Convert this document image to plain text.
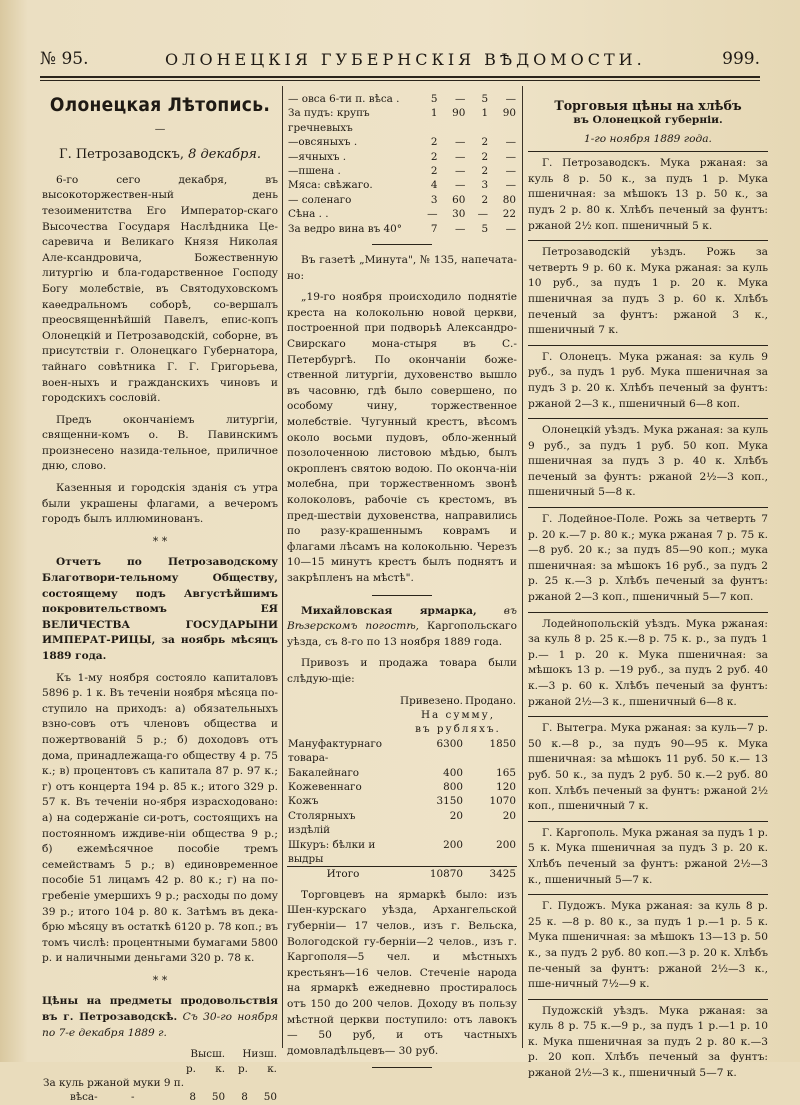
№ 95.	ОЛОНЕЦКІЯ ГУБЕРНСКІЯ ВѢДОМОСТИ.	999.
Олонецкая Лѣтопись.
—
Г. Петрозаводскъ, 8 декабря.

6-го сего декабря, въ высокоторжествен-ный день тезоименитства Его Император-скаго Высочества Государя Наслѣдника Це-саревича и Великаго Князя Николая Але-ксандровича, Божественную литургію и бла-годарственное Господу Богу молебствіе, въ Святодуховскомъ каѳедральномъ соборѣ, со-вершалъ преосвященнѣйшій Павелъ, епис-копъ Олонецкій и Петрозаводскій, соборне, въ присутствіи г. Олонецкаго Губернатора, тайнаго совѣтника Г. Г. Григорьева, воен-ныхъ и гражданскихъ чиновъ и городскихъ сословій.

Предъ окончаніемъ литургіи, священни-комъ о. В. Павинскимъ произнесено назида-тельное, приличное дню, слово.

Казенныя и городскія зданія съ утра были украшены флагами, а вечеромъ городъ былъ иллюминованъ.

* *

Отчетъ по Петрозаводскому Благотвори-тельному Обществу, состоящему подъ Августѣйшимъ покровительствомъ ЕЯ ВЕЛИЧЕСТВА ГОСУДАРЫНИ ИМПЕРАТ-РИЦЫ, за ноябрь мѣсяцъ 1889 года.

Къ 1-му ноября состояло капиталовъ 5896 р. 1 к. Въ теченіи ноября мѣсяца по-ступило на приходъ: а) обязательныхъ взно-совъ отъ членовъ общества и пожертвованій 5 р.; б) доходовъ отъ дома, принадлежаща-го обществу 4 р. 75 к.; в) процентовъ съ капитала 87 р. 97 к.; г) отъ концерта 194 р. 85 к.; итого 329 р. 57 к. Въ теченіи но-ября израсходовано: а) на содержаніе си-ротъ, состоящихъ на постоянномъ иждиве-ніи общества 9 р.; б) ежемѣсячное пособіе тремъ семействамъ 5 р.; в) единовременное пособіе 51 лицамъ 42 р. 80 к.; г) на по-гребеніе умершихъ 9 р.; расходы по дому 39 р.; итого 104 р. 80 к. Затѣмъ въ дека-брю мѣсяцу въ остаткѣ 6120 р. 78 коп.; въ томъ числѣ: процентными бумагами 5800 р. и наличными деньгами 320 р. 78 к.

* *

Цѣны на предметы продовольствія въ г. Петрозаводскѣ. Съ 30-го ноября по 7-е декабря 1889 г.

	Высш.		Низш.	
	р.	к.	р.	к.
За куль ржаной муки 9 п.				
вѣса- -	8	50	8	50
— овса 6-ти п. вѣса .	5	—	5	—
За пудъ: крупъ гречневыхъ	1	90	1	90
—овсяныхъ .	2	—	2	—
—ячныхъ .	2	—	2	—
—пшена .	2	—	2	—
Мяса: свѣжаго.	4	—	3	—
— соленаго	3	60	2	80
Сѣна . .	—	30	—	22
За ведро вина въ 40°	7	—	5	—

Въ газетѣ „Минута", № 135, напечата-но:

„19-го ноября происходило поднятіе креста на колокольню новой церкви, построенной при подворьѣ Александро-Свирскаго мона-стыря въ С.-Петербургѣ. По окончаніи боже-ственной литургіи, духовенство вышло въ часовню, гдѣ было совершено, по особому чину, торжественное молебствіе. Чугунный крестъ, вѣсомъ около восьми пудовъ, обло-женный позолоченною листовою мѣдью, былъ окропленъ святою водою. По оконча-ніи молебна, при торжественномъ звонѣ колоколовъ, рабочіе съ крестомъ, въ пред-шествіи духовенства, направились по разу-крашеннымъ коврамъ и флагами лѣсамъ на колокольню. Черезъ 10—15 минутъ крестъ былъ поднятъ и закрѣпленъ на мѣстѣ".

Михайловская ярмарка,	въ Вѣзерскомъ погостѣ, Каргопольскаго уѣзда, съ 8-го по 13 ноября 1889 года.

Привозъ и продажа товара были слѣдую-щіе:

	Привезено.	Продано.
	На сумму,	
	въ рубляхъ.	
Мануфактурнаго товара-	6300	1850
Бакалейнаго	400	165
Кожевеннаго	800	120
Кожъ	3150	1070
Столярныхъ издѣлій	20	20
Шкуръ: бѣлки и выдры	200	200
Итого	10870	3425

Торговцевъ на ярмаркѣ было: изъ Шен-курскаго уѣзда, Архангельской губерніи— 17 челов., изъ г. Вельска, Вологодской гу-берніи—2 челов., изъ г. Каргополя—5 чел. и мѣстныхъ крестьянъ—16 челов. Стеченіе народа на ярмаркѣ ежедневно простиралось отъ 150 до 200 челов. Доходу въ пользу мѣстной церкви поступило: отъ лавокъ— 50 руб, и отъ частныхъ домовладѣльцевъ— 30 руб.

Торговыя цѣны на хлѣбъ
въ Олонецкой губерніи.
1-го ноября 1889 года.

Г. Петрозаводскъ. Мука ржаная: за куль 8 р. 50 к., за пудъ 1 р. Мука пшеничная: за мѣшокъ 13 р. 50 к., за пудъ 2 р. 80 к. Хлѣбъ печеный за фунтъ: ржаной 2½ коп. пшеничный 5 к.

Петрозаводскій уѣздъ. Рожь за четверть 9 р. 60 к. Мука ржаная: за куль 10 руб., за пудъ 1 р. 20 к. Мука пшеничная за пудъ 3 р. 60 к. Хлѣбъ печеный за фунтъ: ржаной 3 к., пшеничный 7 к.

Г. Олонецъ. Мука ржаная: за куль 9 руб., за пудъ 1 руб. Мука пшеничная за пудъ 3 р. 20 к. Хлѣбъ печеный за фунтъ: ржаной 2—3 к., пшеничный 6—8 коп.

Олонецкій уѣздъ. Мука ржаная: за куль 9 руб., за пудъ 1 руб. 50 коп. Мука пшеничная за пудъ 3 р. 40 к. Хлѣбъ печеный за фунтъ: ржаной 2½—3 коп., пшеничный 5—8 к.

Г. Лодейное-Поле. Рожь за четверть 7 р. 20 к.—7 р. 80 к.; мука ржаная 7 р. 75 к.—8 руб. 20 к.; за пудъ 85—90 коп.; мука пшеничная: за мѣшокъ 16 руб., за пудъ 2 р. 25 к.—3 р. Хлѣбъ печеный за фунтъ: ржаной 2—3 коп., пшеничный 5—7 коп.

Лодейнопольскій уѣздъ. Мука ржаная: за куль 8 р. 25 к.—8 р. 75 к. р., за пудъ 1 р.— 1 р. 20 к. Мука пшеничная: за мѣшокъ 13 р. —19 руб., за пудъ 2 руб. 40 к.—3 р. 60 к. Хлѣбъ печеный за фунтъ: ржаной 2½—3 к., пшеничный 6—8 к.

Г. Вытегра. Мука ржаная: за куль—7 р. 50 к.—8 р., за пудъ 90—95 к. Мука пшеничная: за мѣшокъ 11 руб. 50 к.— 13 руб. 50 к., за пудъ 2 руб. 50 к.—2 руб. 80 коп. Хлѣбъ печеный за фунтъ: ржаной 2½ коп., пшеничный 7 к.

Г. Каргополь. Мука ржаная за пудъ 1 р. 5 к. Мука пшеничная за пудъ 3 р. 20 к. Хлѣбъ печеный за фунтъ: ржаной 2½—3 к., пшеничный 5—7 к.

Г. Пудожъ. Мука ржаная: за куль 8 р. 25 к. —8 р. 80 к., за пудъ 1 р.—1 р. 5 к. Мука пшеничная: за мѣшокъ 13—13 р. 50 к., за пудъ 2 руб. 80 коп.—3 р. 20 к. Хлѣбъ пе-ченый за фунтъ: ржаной 2½—3 к., пше-ничный 7½—9 к.

Пудожскій уѣздъ. Мука ржаная: за куль 8 р. 75 к.—9 р., за пудъ 1 р.—1 р. 10 к. Мука пшеничная за пудъ 2 р. 80 к.—3 р. 20 коп. Хлѣбъ печеный за фунтъ: ржаной 2½—3 к., пшеничный 5—7 к.
